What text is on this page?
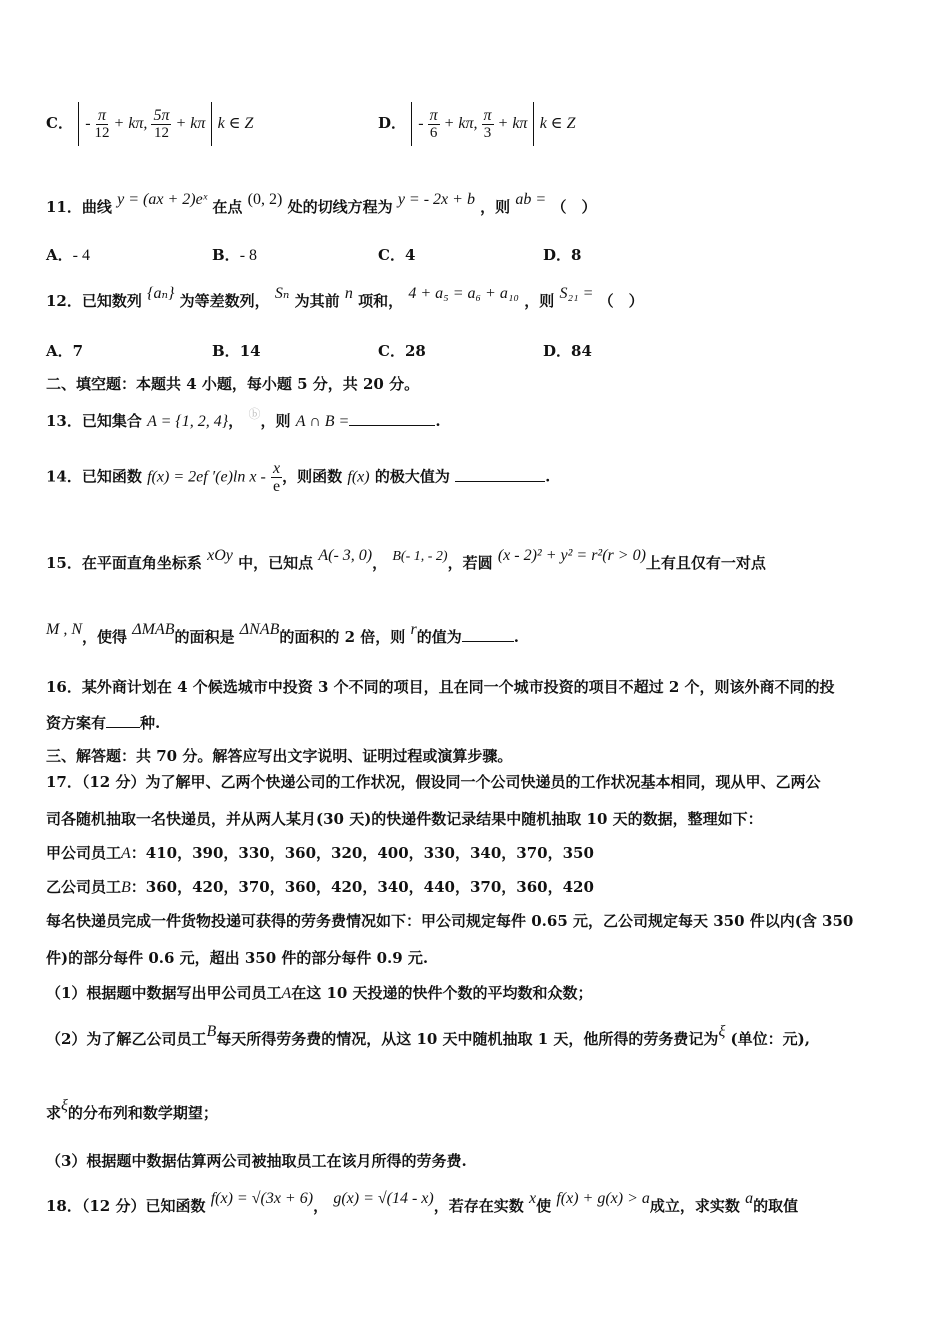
C． - $\frac{\pi}{12}$
+ kπ,
$\frac{5\pi}{12}$
+ kπ k ∈ Z	D． - $\frac{\pi}{6}$
+ kπ,
$\frac{\pi}{3}$
+ kπ k ∈ Z
11．曲线 y = (ax + 2)eˣ 在点 (0, 2) 处的切线方程为 y = - 2x + b ，则 ab = （　）
A．- 4	B．- 8	C．4	D．8
12．已知数列 {aₙ} 为等差数列， Sₙ 为其前 n 项和， 4 + a₅ = a₆ + a₁₀ ，则 S₂₁ = （　）
A．7	B．14	C．28	D．84
二、填空题：本题共 4 小题，每小题 5 分，共 20 分。
13．已知集合 A = {1, 2, 4}， ⓑ，则 A ∩ B =	.
14．已知函数 f(x) = 2ef ′(e)ln x - $\frac{x}{e}$ ，则函数 f(x) 的极大值为	.
15．在平面直角坐标系 xOy 中，已知点 A(- 3, 0)， B(- 1, - 2)，若圆 (x - 2)² + y² = r²(r > 0)上有且仅有一对点
M , N，使得 ΔMAB的面积是 ΔNAB的面积的 2 倍，则 r的值为	.
16．某外商计划在 4 个候选城市中投资 3 个不同的项目，且在同一个城市投资的项目不超过 2 个，则该外商不同的投
资方案有 种.
三、解答题：共 70 分。解答应写出文字说明、证明过程或演算步骤。
17．（12 分）为了解甲、乙两个快递公司的工作状况，假设同一个公司快递员的工作状况基本相同，现从甲、乙两公
司各随机抽取一名快递员，并从两人某月(30 天)的快递件数记录结果中随机抽取 10 天的数据，整理如下：
甲公司员工A：410，390，330，360，320，400，330，340，370，350
乙公司员工B：360，420，370，360，420，340，440，370，360，420
每名快递员完成一件货物投递可获得的劳务费情况如下：甲公司规定每件 0.65 元，乙公司规定每天 350 件以内(含 350
件)的部分每件 0.6 元，超出 350 件的部分每件 0.9 元.
（1）根据题中数据写出甲公司员工A在这 10 天投递的快件个数的平均数和众数；
（2）为了解乙公司员工B每天所得劳务费的情况，从这 10 天中随机抽取 1 天，他所得的劳务费记为ξ (单位：元),
求ξ的分布列和数学期望；
（3）根据题中数据估算两公司被抽取员工在该月所得的劳务费.
18．（12 分）已知函数 f(x) = √(3x + 6)， g(x) = √(14 - x)，若存在实数 x使 f(x) + g(x) > a成立，求实数 a的取值
